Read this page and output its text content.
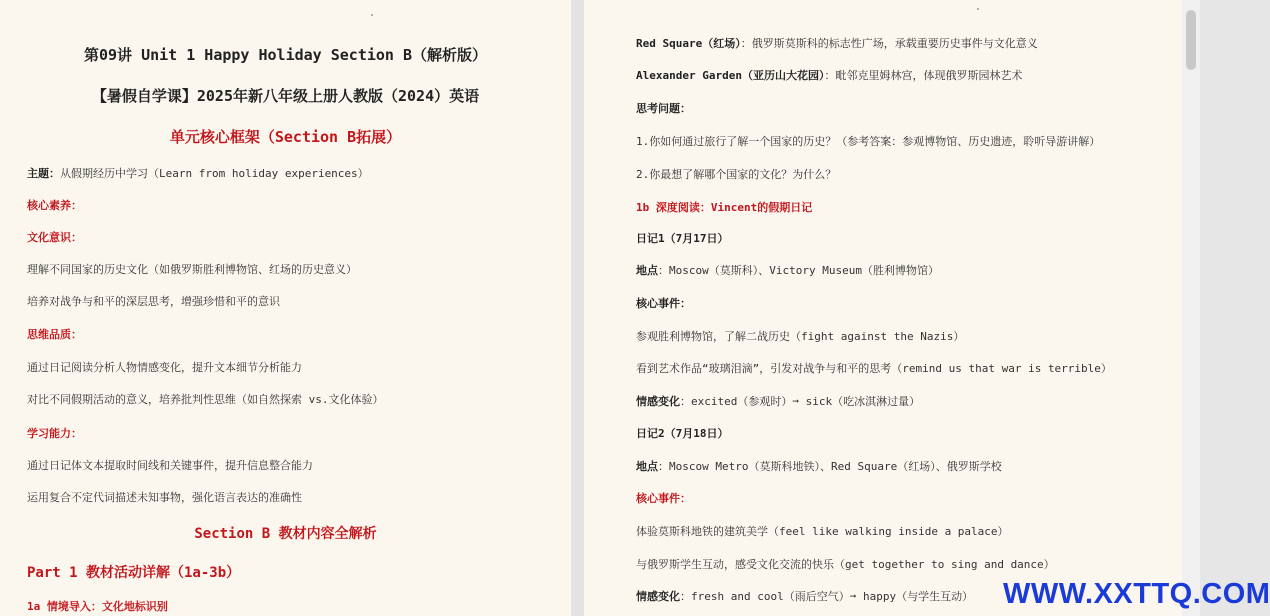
第09讲 Unit 1 Happy Holiday Section B（解析版）
【暑假自学课】2025年新八年级上册人教版（2024）英语
单元核心框架（Section B拓展）
主题：从假期经历中学习（Learn from holiday experiences）
核心素养：
文化意识：
理解不同国家的历史文化（如俄罗斯胜利博物馆、红场的历史意义）
培养对战争与和平的深层思考，增强珍惜和平的意识
思维品质：
通过日记阅读分析人物情感变化，提升文本细节分析能力
对比不同假期活动的意义，培养批判性思维（如自然探索 vs.文化体验）
学习能力：
通过日记体文本提取时间线和关键事件，提升信息整合能力
运用复合不定代词描述未知事物，强化语言表达的准确性
Section B 教材内容全解析
Part 1 教材活动详解（1a-3b）
1a 情境导入：文化地标识别
Red Square（红场）：俄罗斯莫斯科的标志性广场，承载重要历史事件与文化意义
Alexander Garden（亚历山大花园）：毗邻克里姆林宫，体现俄罗斯园林艺术
思考问题：
1.你如何通过旅行了解一个国家的历史？（参考答案：参观博物馆、历史遗迹，聆听导游讲解）
2.你最想了解哪个国家的文化？为什么？
1b 深度阅读：Vincent的假期日记
日记1（7月17日）
地点：Moscow（莫斯科）、Victory Museum（胜利博物馆）
核心事件：
参观胜利博物馆，了解二战历史（fight against the Nazis）
看到艺术作品“玻璃泪滴”，引发对战争与和平的思考（remind us that war is terrible）
情感变化：excited（参观时）➞ sick（吃冰淇淋过量）
日记2（7月18日）
地点：Moscow Metro（莫斯科地铁）、Red Square（红场）、俄罗斯学校
核心事件：
体验莫斯科地铁的建筑美学（feel like walking inside a palace）
与俄罗斯学生互动，感受文化交流的快乐（get together to sing and dance）
情感变化：fresh and cool（雨后空气）➞ happy（与学生互动）	WWW.XXTTQ.COM
